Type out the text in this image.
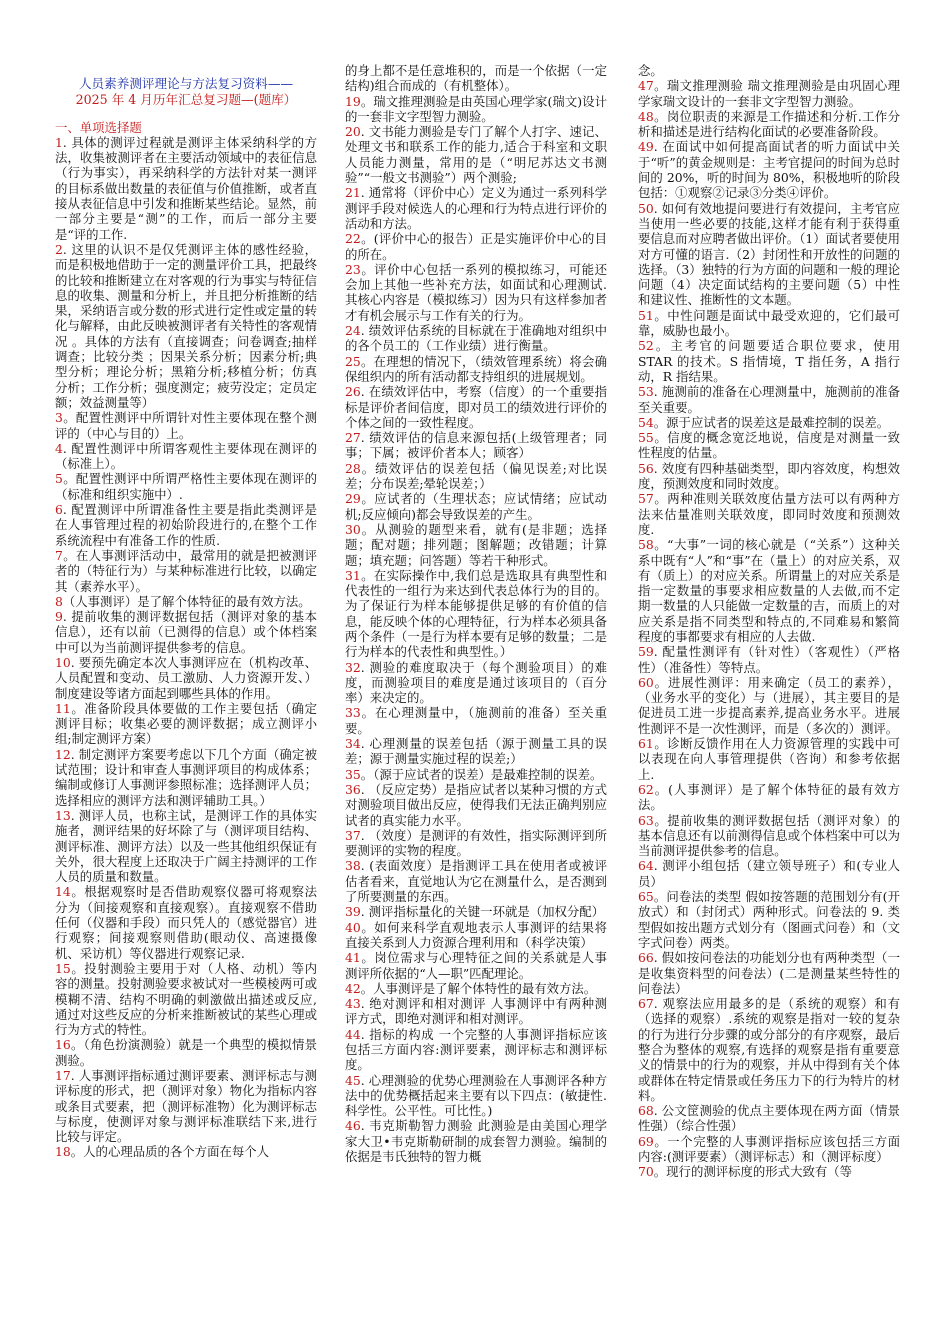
人员素养测评理论与方法复习资料——
2025 年 4 月历年汇总复习题—(题库）
一、单项选择题

1. 具体的测评过程就是测评主体采纳科学的方法，收集被测评者在主要活动领域中的表征信息（行为事实），再采纳科学的方法针对某一测评的目标系做出数量的表征值与价值推断，或者直接从表征信息中引发和推断某些结论。显然，前一部分主要是“测”的工作，而后一部分主要是“评的工作.

2. 这里的认识不是仅凭测评主体的感性经验，而是积极地借助于一定的测量评价工具，把最终的比较和推断建立在对客观的行为事实与特征信息的收集、测量和分析上，并且把分析推断的结果，采纳语言或分数的形式进行定性或定量的转化与解释，由此反映被测评者有关特性的客观情况 。具体的方法有（直接调查；问卷调查;抽样调查；比较分类 ；因果关系分析；因素分析;典型分析；理论分析；黑箱分析;移植分析；仿真分析；工作分析；强度测定；疲劳没定；定员定额；效益测量等）

3。配置性测评中所谓针对性主要体现在整个测评的（中心与目的）上。

4. 配置性测评中所谓客观性主要体现在测评的（标准上）。

5。配置性测评中所谓严格性主要体现在测评的（标准和组织实施中）.

6. 配置测评中所谓准备性主要是指此类测评是在人事管理过程的初始阶段进行的,在整个工作系统流程中有准备工作的性质.

7。在人事测评活动中，最常用的就是把被测评者的（特征行为）与某种标准进行比较，以确定其（素养水平）。

8（人事测评）是了解个体特征的最有效方法。

9. 提前收集的测评数据包括（测评对象的基本信息），还有以前（已测得的信息）或个体档案中可以为当前测评提供参考的信息。

10. 要预先确定本次人事测评应在（机构改革、人员配置和变动、员工激励、人力资源开发、）制度建设等诸方面起到哪些具体的作用。

11。准备阶段具体要做的工作主要包括（确定测评目标；收集必要的测评数据；成立测评小组;制定测评方案）

12. 制定测评方案要考虑以下几个方面（确定被试范围；设计和审查人事测评项目的构成体系；编制或修订人事测评参照标准；选择测评人员；选择相应的测评方法和测评辅助工具。）

13. 测评人员，也称主试，是测评工作的具体实施者，测评结果的好坏除了与（测评项目结构、测评标准、测评方法）以及一些其他组织保证有关外，很大程度上还取决于广阔主持测评的工作人员的质量和数量。

14。根据观察时是否借助观察仪器可将观察法分为（间接观察和直接观察）。直接观察不借助任何（仪器和手段）而只凭人的（感觉器官）进行观察；间接观察则借助(眼动仪、高速摄像机、采访机）等仪器进行观察记录.

15。投射测验主要用于对（人格、动机）等内容的测量。投射测验要求被试对一些模棱两可或模糊不清、结构不明确的刺激做出描述或反应,通过对这些反应的分析来推断被试的某些心理或行为方式的特性。

16。（角色扮演测验）就是一个典型的模拟情景测验。

17. 人事测评指标通过测评要素、测评标志与测评标度的形式，把（测评对象）物化为指标内容或条目式要素，把（测评标准物）化为测评标志与标度，使测评对象与测评标准联结下来,进行比较与评定。

18。人的心理品质的各个方面在每个人

的身上都不是任意堆积的，而是一个依据（一定结构)组合而成的（有机整体）。

19。瑞文推理测验是由英国心理学家(瑞文)设计的一套非文字型智力测验。

20. 文书能力测验是专门了解个人打字、速记、处理文书和联系工作的能力,适合于科室和文职人员能力测量，常用的是（“明尼苏达文书测验”“一般文书测验”）两个测验;

21. 通常将（评价中心）定义为通过一系列科学测评手段对候选人的心理和行为特点进行评价的活动和方法。

22。(评价中心的报告）正是实施评价中心的目的所在。

23。评价中心包括一系列的模拟练习，可能还会加上其他一些补充方法，如面试和心理测试.其核心内容是（模拟练习）因为只有这样参加者才有机会展示与工作有关的行为。

24. 绩效评估系统的目标就在于准确地对组织中的各个员工的（工作业绩）进行衡量。

25。在理想的情况下，（绩效管理系统）将会确保组织内的所有活动都支持组织的进展规划。

26. 在绩效评估中，考察（信度）的一个重要指标是评价者间信度，即对员工的绩效进行评价的个体之间的一致性程度。

27. 绩效评估的信息来源包括(上级管理者；同事；下属；被评价者本人；顾客）

28。绩效评估的误差包括（偏见误差;对比误差；分布误差;晕轮误差；）

29。应试者的（生理状态；应试情绪；应试动机;反应倾向)都会导致误差的产生。

30。从测验的题型来看，就有(是非题；选择题；配对题；排列题；图解题；改错题；计算题；填充题；问答题）等若干种形式。

31。在实际操作中,我们总是选取具有典型性和代表性的一组行为来达到代表总体行为的目的。为了保证行为样本能够提供足够的有价值的信息，能反映个体的心理特征，行为样本必须具备两个条件（一是行为样本要有足够的数量；二是行为样本的代表性和典型性。）

32. 测验的难度取决于（每个测验项目）的难度，而测验项目的难度是通过该项目的（百分率）来决定的。

33。在心理测量中，（施测前的准备）至关重要。

34. 心理测量的误差包括（源于测量工具的误差；源于测量实施过程的误差;）

35。（源于应试者的误差）是最难控制的误差。

36. （反应定势）是指应试者以某种习惯的方式对测验项目做出反应，使得我们无法正确判别应试者的真实能力水平。

37. （效度）是测评的有效性，指实际测评到所要测评的实物的程度。

38. (表面效度）是指测评工具在使用者或被评估者看来，直觉地认为它在测量什么，是否测到了所要测量的东西。

39. 测评指标量化的关键一环就是（加权分配）

40。如何来科学直观地表示人事测评的结果将直接关系到人力资源合理利用和（科学决策）

41。岗位需求与心理特征之间的关系就是人事测评所依据的“人—职”匹配理论。

42。人事测评是了解个体特性的最有效方法。

43. 绝对测评和相对测评 人事测评中有两种测评方式，即绝对测评和相对测评。

44. 指标的构成 一个完整的人事测评指标应该包括三方面内容:测评要素，测评标志和测评标度。

45. 心理测验的优势心理测验在人事测评各种方法中的优势概括起来主要有以下四点：(敏捷性.科学性。公平性。可比性。)

46. 韦克斯勒智力测验 此测验是由美国心理学家大卫•韦克斯勒研制的成套智力测验。编制的依据是韦氏独特的智力概

念。

47。瑞文推理测验 瑞文推理测验是由巩固心理学家瑞文设计的一套非文字型智力测验。

48。岗位职责的来源是工作描述和分析.工作分析和描述是进行结构化面试的必要准备阶段。

49. 在面试中如何提高面试者的听力面试中关于“听”的黄金规则是：主考官提问的时间为总时间的 20%，听的时间为 80%，积极地听的阶段包括：①观察②记录③分类④评价。

50. 如何有效地提问要进行有效提问，主考官应当使用一些必要的技能,这样才能有利于获得重要信息而对应聘者做出评价。（1）面试者要使用对方可懂的语言.（2）封闭性和开放性的问题的选择。（3）独特的行为方面的问题和一般的理论问题（4）决定面试结构的主要问题（5）中性和建议性、推断性的文本题。

51。中性问题是面试中最受欢迎的，它们最可靠，威胁也最小。

52。主考官的问题要适合职位要求，使用 STAR 的技术。S 指情境，T 指任务，A 指行动，R 指结果。

53. 施测前的准备在心理测量中，施测前的准备至关重要。

54。源于应试者的误差这是最难控制的误差。

55。信度的概念宽泛地说，信度是对测量一致性程度的估量。

56. 效度有四种基础类型，即内容效度，构想效度，预测效度和同时效度。

57。两种准则关联效度估量方法可以有两种方法来估量准则关联效度，即同时效度和预测效度.

58。“大事”一词的核心就是（“关系”）这种关系中既有“人”和“事”在（量上）的对应关系，双有（质上）的对应关系。所谓量上的对应关系是指一定数量的事要求相应数量的人去做,而不定期一数量的人只能做一定数量的吉，而质上的对应关系是指不同类型和特点的,不同难易和繁简程度的事都要求有相应的人去做.

59. 配量性测评有（针对性）（客观性）（严格性）（准备性）等特点。

60。进展性测评：用来确定（员工的素养），（业务水平的变化）与（进展），其主要目的是促进员工进一步提高素养,提高业务水平。进展性测评不是一次性测评，而是（多次的）测评。

61。诊断反馈作用在人力资源管理的实践中可以表现在向人事管理提供（咨询）和参考依据上.

62。(人事测评）是了解个体特征的最有效方法。

63。提前收集的测评数据包括（测评对象）的基本信息还有以前测得信息或个体档案中可以为当前测评提供参考的信息。

64. 测评小组包括（建立领导班子）和(专业人员）

65。问卷法的类型 假如按答题的范围划分有(开放式）和（封闭式）两种形式。问卷法的 9. 类型假如按出题方式划分有（图画式问卷）和（文字式问卷）两类。

66. 假如按问卷法的功能划分也有两种类型（一是收集资料型的问卷法）(二是测量某些特性的问卷法）

67. 观察法应用最多的是（系统的观察）和有（选择的观察）.系统的观察是指对一较的复杂的行为进行分步骤的或分部分的有序观察，最后整合为整体的观察,有选择的观察是指有重要意义的情景中的行为的观察，并从中得到有关个体或群体在特定情景或任务压力下的行为特片的材料。

68. 公文筐测验的优点主要体现在两方面（情景性强）（综合性强）

69。一个完整的人事测评指标应该包括三方面内容:(测评要素）（测评标志）和（测评标度）

70。现行的测评标度的形式大致有（等
